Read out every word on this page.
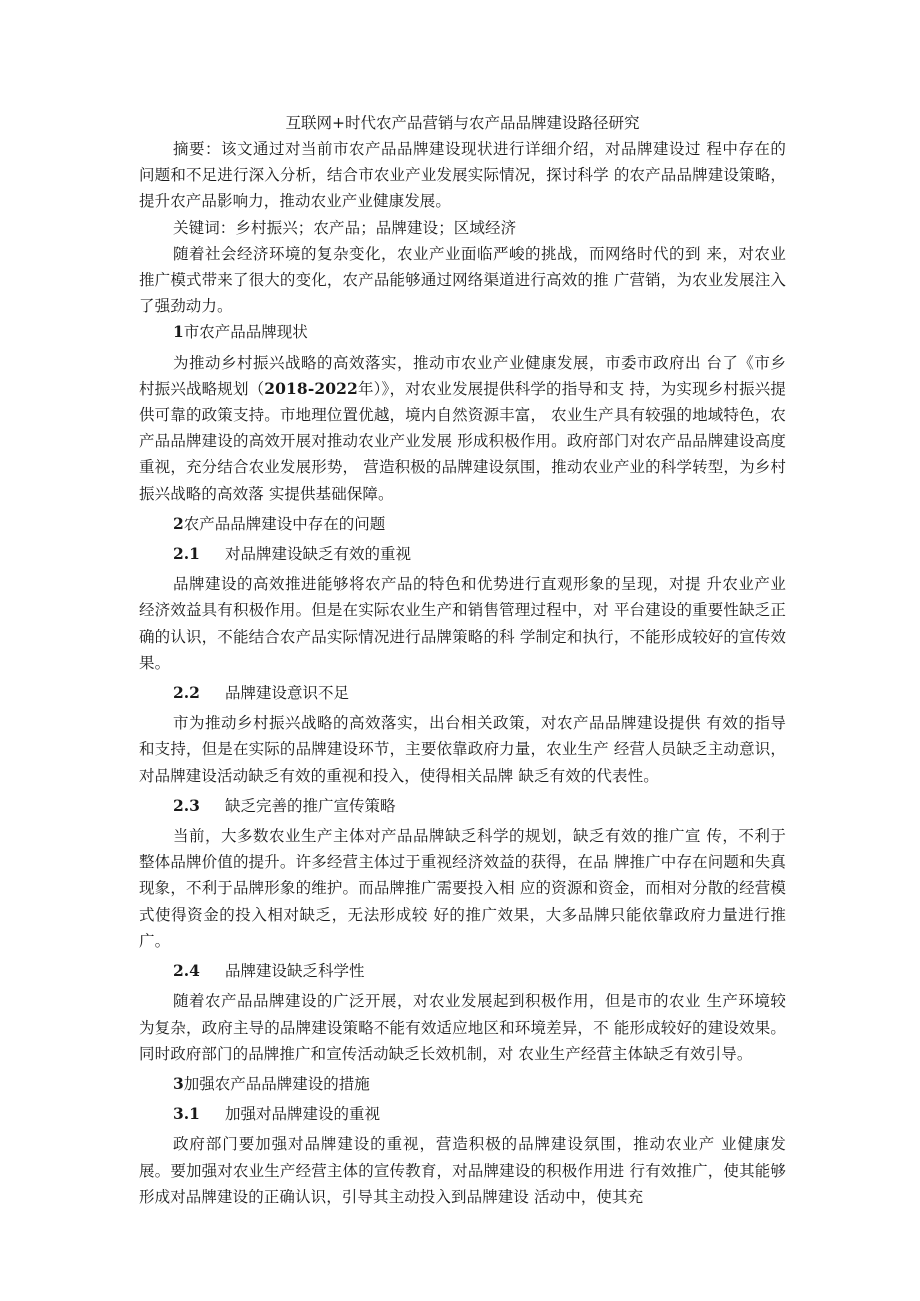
互联网+时代农产品营销与农产品品牌建设路径研究

摘要：该文通过对当前市农产品品牌建设现状进行详细介绍，对品牌建设过 程中存在的问题和不足进行深入分析，结合市农业产业发展实际情况，探讨科学 的农产品品牌建设策略，提升农产品影响力，推动农业产业健康发展。

关键词：乡村振兴；农产品；品牌建设；区域经济

随着社会经济环境的复杂变化，农业产业面临严峻的挑战，而网络时代的到 来，对农业推广模式带来了很大的变化，农产品能够通过网络渠道进行高效的推 广营销，为农业发展注入了强劲动力。

1市农产品品牌现状

为推动乡村振兴战略的高效落实，推动市农业产业健康发展，市委市政府出 台了《市乡村振兴战略规划（2018-2022年）》，对农业发展提供科学的指导和支 持，为实现乡村振兴提供可靠的政策支持。市地理位置优越，境内自然资源丰富， 农业生产具有较强的地域特色，农产品品牌建设的高效开展对推动农业产业发展 形成积极作用。政府部门对农产品品牌建设高度重视，充分结合农业发展形势， 营造积极的品牌建设氛围，推动农业产业的科学转型，为乡村振兴战略的高效落 实提供基础保障。

2农产品品牌建设中存在的问题
2.1 对品牌建设缺乏有效的重视

品牌建设的高效推进能够将农产品的特色和优势进行直观形象的呈现，对提 升农业产业经济效益具有积极作用。但是在实际农业生产和销售管理过程中，对 平台建设的重要性缺乏正确的认识，不能结合农产品实际情况进行品牌策略的科 学制定和执行，不能形成较好的宣传效果。

2.2 品牌建设意识不足

市为推动乡村振兴战略的高效落实，出台相关政策，对农产品品牌建设提供 有效的指导和支持，但是在实际的品牌建设环节，主要依靠政府力量，农业生产 经营人员缺乏主动意识，对品牌建设活动缺乏有效的重视和投入，使得相关品牌 缺乏有效的代表性。

2.3 缺乏完善的推广宣传策略

当前，大多数农业生产主体对产品品牌缺乏科学的规划，缺乏有效的推广宣 传，不利于整体品牌价值的提升。许多经营主体过于重视经济效益的获得，在品 牌推广中存在问题和失真现象，不利于品牌形象的维护。而品牌推广需要投入相 应的资源和资金，而相对分散的经营模式使得资金的投入相对缺乏，无法形成较 好的推广效果，大多品牌只能依靠政府力量进行推广。

2.4 品牌建设缺乏科学性

随着农产品品牌建设的广泛开展，对农业发展起到积极作用，但是市的农业 生产环境较为复杂，政府主导的品牌建设策略不能有效适应地区和环境差异，不 能形成较好的建设效果。同时政府部门的品牌推广和宣传活动缺乏长效机制，对 农业生产经营主体缺乏有效引导。

3加强农产品品牌建设的措施
3.1 加强对品牌建设的重视

政府部门要加强对品牌建设的重视，营造积极的品牌建设氛围，推动农业产 业健康发展。要加强对农业生产经营主体的宣传教育，对品牌建设的积极作用进 行有效推广，使其能够形成对品牌建设的正确认识，引导其主动投入到品牌建设 活动中，使其充
